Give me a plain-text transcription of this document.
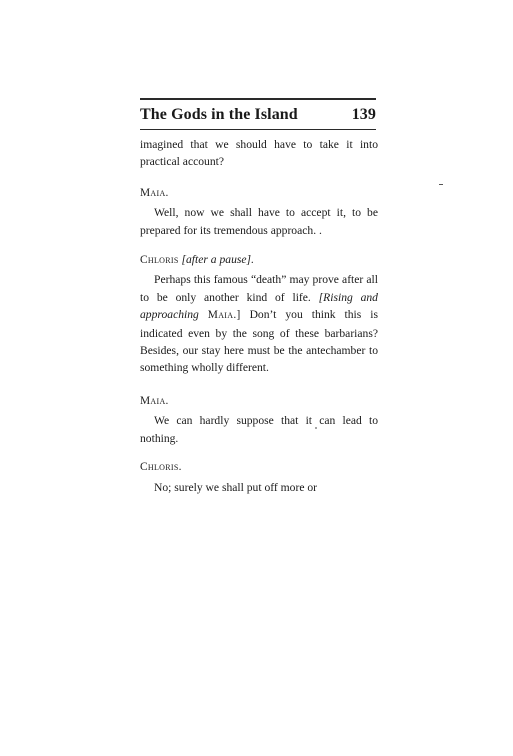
The Gods in the Island	139

imagined that we should have to take it into practical account?

Maia.

Well, now we shall have to accept it, to be prepared for its tremendous approach. .

Chloris [after a pause].

Perhaps this famous “death” may prove after all to be only another kind of life. [Rising and approaching Maia.] Don’t you think this is indicated even by the song of these barbarians? Besides, our stay here must be the antechamber to something wholly different.

Maia.

We can hardly suppose that it can lead to nothing.

Chloris.

No; surely we shall put off more or
